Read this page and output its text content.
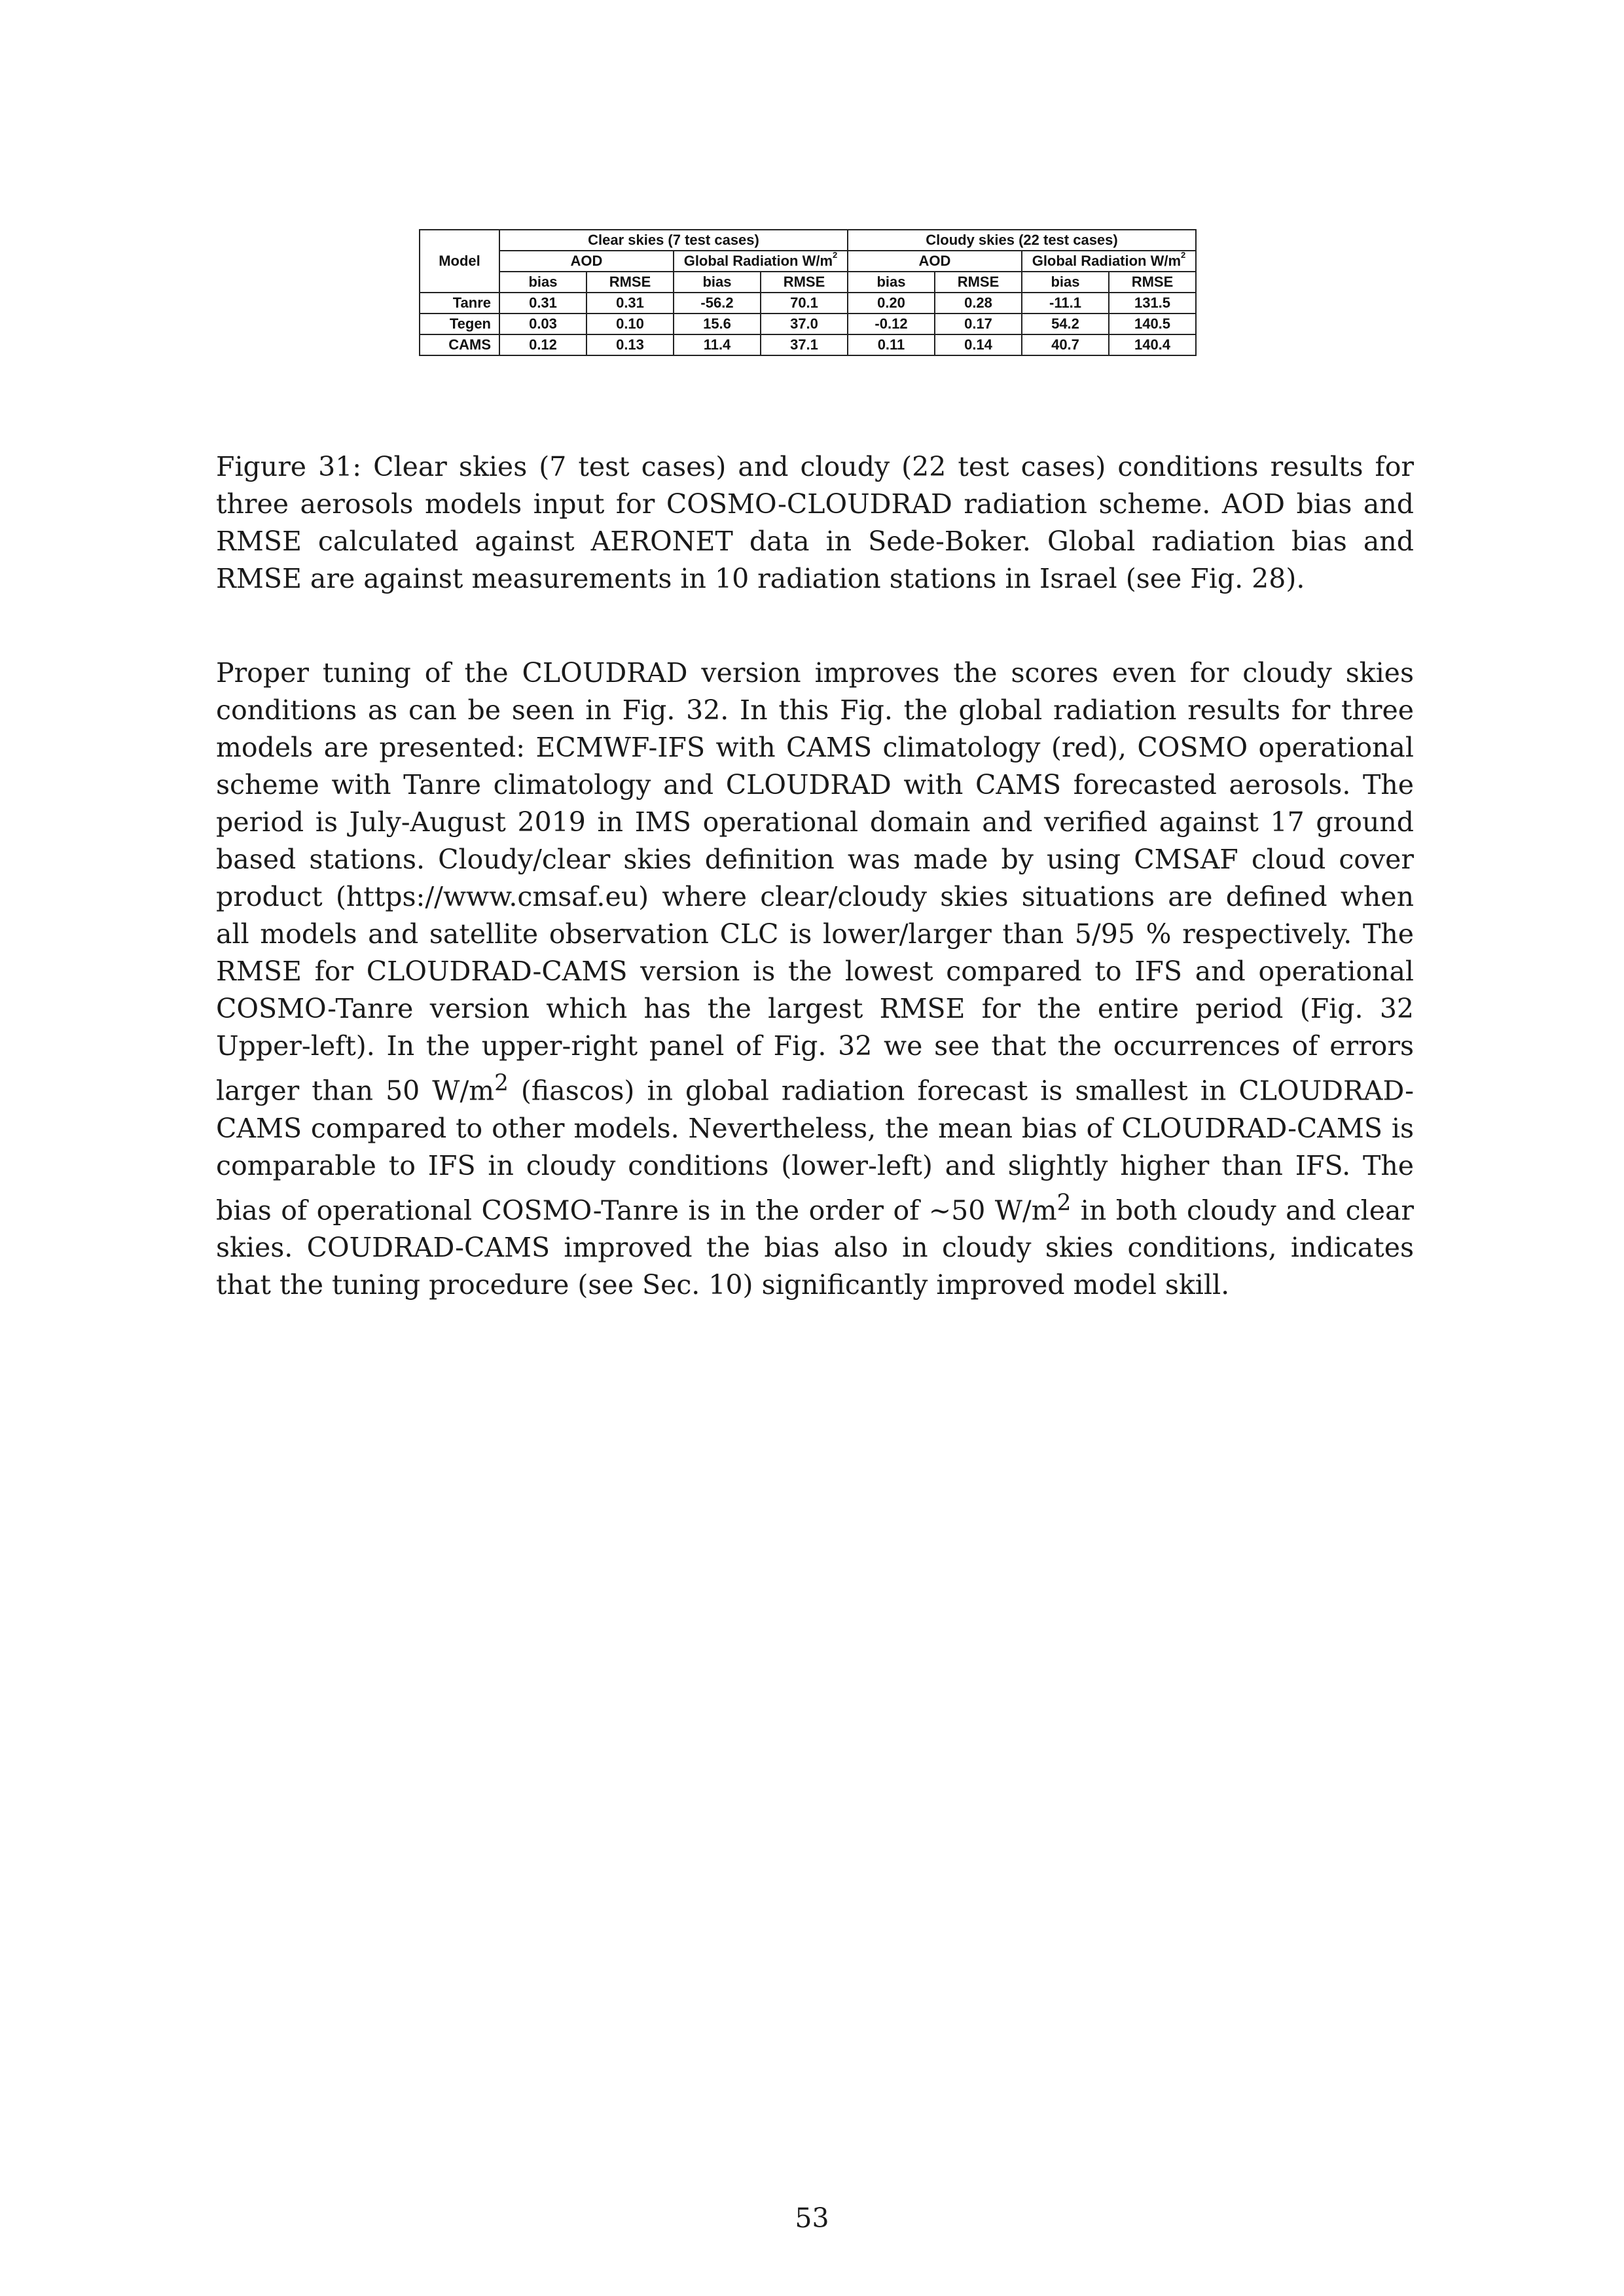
Model	Clear skies (7 test cases)				Cloudy skies (22 test cases)			
	AOD		Global Radiation $W/m^2$		AOD		Global Radiation $W/m^2$
	bias	RMSE	bias	RMSE	bias	RMSE	bias	RMSE
Tanre	0.31	0.31	-56.2	70.1	0.20	0.28	-11.1	131.5
Tegen	0.03	0.10	15.6	37.0	-0.12	0.17	54.2	140.5
CAMS	0.12	0.13	11.4	37.1	0.11	0.14	40.7	140.4

Figure 31: Clear skies (7 test cases) and cloudy (22 test cases) conditions results for three aerosols models input for COSMO-CLOUDRAD radiation scheme. AOD bias and RMSE calculated against AERONET data in Sede-Boker. Global radiation bias and RMSE are against measurements in 10 radiation stations in Israel (see Fig. 28).

Proper tuning of the CLOUDRAD version improves the scores even for cloudy skies conditions as can be seen in Fig. 32. In this Fig. the global radiation results for three models are presented: ECMWF-IFS with CAMS climatology (red), COSMO operational scheme with Tanre climatology and CLOUDRAD with CAMS forecasted aerosols. The period is July-August 2019 in IMS operational domain and verified against 17 ground based stations. Cloudy/clear skies definition was made by using CMSAF cloud cover product (https://www.cmsaf.eu) where clear/cloudy skies situations are defined when all models and satellite observation CLC is lower/larger than 5/95 % respectively. The RMSE for CLOUDRAD-CAMS version is the lowest compared to IFS and operational COSMO-Tanre version which has the largest RMSE for the entire period (Fig. 32 Upper-left). In the upper-right panel of Fig. 32 we see that the occurrences of errors larger than 50 $W/m^2$ (fiascos) in global radiation forecast is smallest in CLOUDRAD-CAMS compared to other models. Nevertheless, the mean bias of CLOUDRAD-CAMS is comparable to IFS in cloudy conditions (lower-left) and slightly higher than IFS. The bias of operational COSMO-Tanre is in the order of ∼50 $W/m^2$ in both cloudy and clear skies. COUDRAD-CAMS improved the bias also in cloudy skies conditions, indicates that the tuning procedure (see Sec. 10) significantly improved model skill.

53
